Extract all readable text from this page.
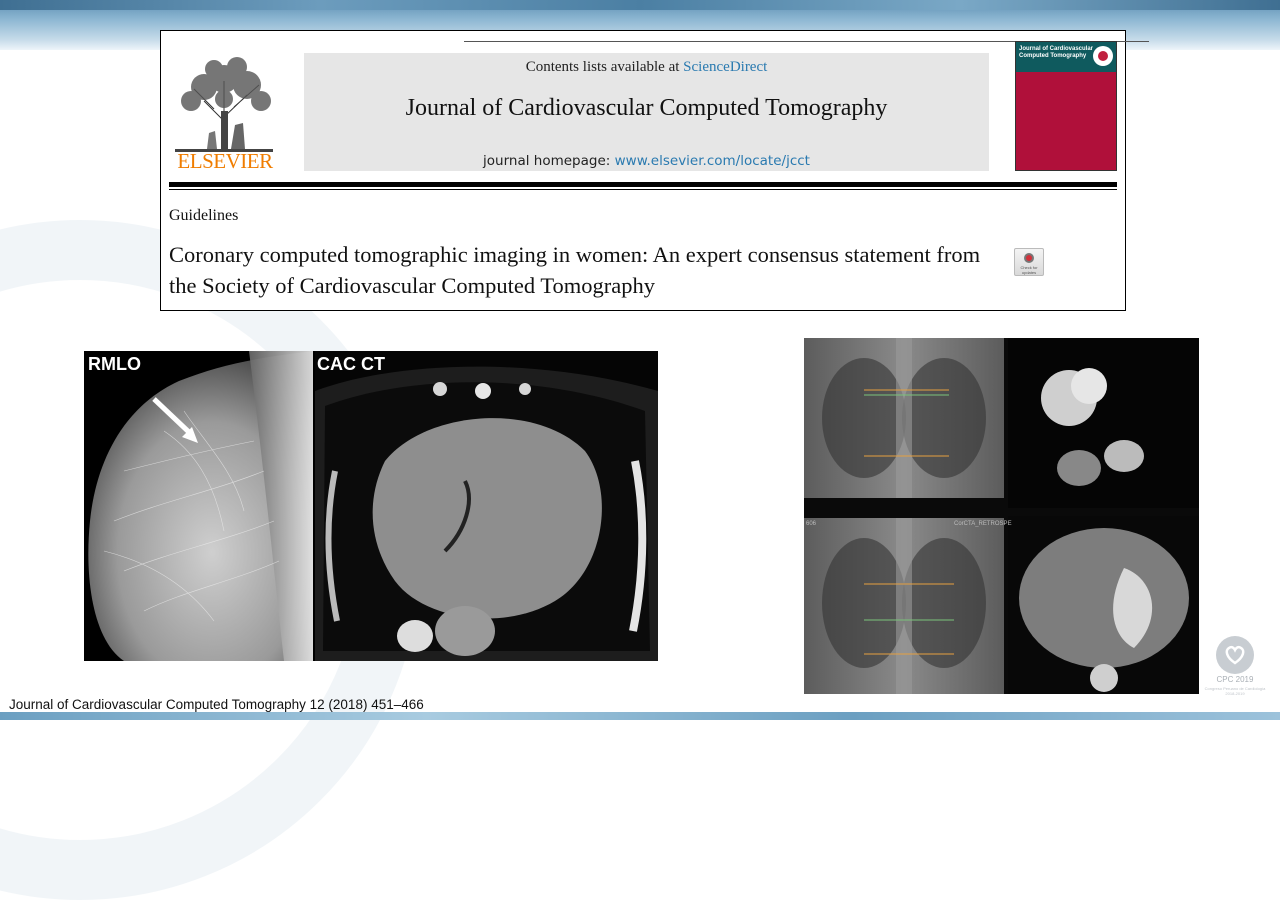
ELSEVIER
Contents lists available at ScienceDirect
Journal of Cardiovascular Computed Tomography
journal homepage: www.elsevier.com/locate/jcct
Journal of Cardiovascular Computed Tomography
Guidelines
Coronary computed tomographic imaging in women: An expert consensus statement from the Society of Cardiovascular Computed Tomography
Check for updates
RMLO	CAC CT
606	CorCTA_RETROSPE
CPC 2019
Congreso Peruano de Cardiología 2018-2019
Journal of Cardiovascular Computed Tomography 12 (2018) 451–466
